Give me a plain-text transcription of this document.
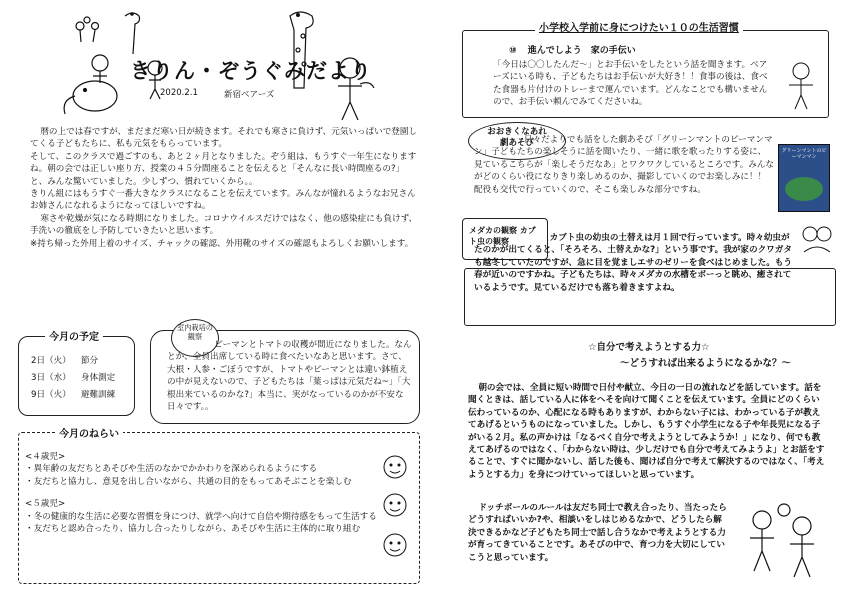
きりん・ぞうぐみだより
2020.2.1	新宿ベアーズ

暦の上では春ですが、まだまだ寒い日が続きます。それでも寒さに負けず、元気いっぱいで登園してくる子どもたちに、私も元気をもらっています。

そして、このクラスで過ごすのも、あと２ヶ月となりました。ぞう組は、もうすぐ一年生になりますね。朝の会では正しい座り方、授業の４５分間座ることを伝えると「そんなに長い時間座るの?」と、みんな驚いていました。少しずつ、慣れていくから。。

きりん組にはもうすぐ一番大きなクラスになることを伝えています。みんなが憧れるようなお兄さんお姉さんになれるようになってほしいですね。

寒さや乾燥が気になる時期になりました。コロナウイルスだけではなく、他の感染症にも負けず、手洗いの徹底をし予防していきたいと思います。

※持ち帰った外用上着のサイズ、チャックの確認、外用靴のサイズの確認もよろしくお願いします。

今月の予定
2日（火） 節分
3日（水） 身体測定
9日（火） 避難訓練
室内栽培の観察
ピーマンとトマトの収穫が間近になりました。なんとか、全員出席している時に食べたいなあと思います。さて、大根・人参・ごぼうですが、トマトやピーマンとは違い鉢植えの中が見えないので、子どもたちは「葉っぱは元気だね~」「大根出来ているのかな?」本当に、実がなっているのかが不安な日々です。。
今月のねらい

<４歳児>

・異年齢の友だちとあそびや生活のなかでかかわりを深められるようにする

・友だちと協力し、意見を出し合いながら、共通の目的をもってあそぶことを楽しむ

<５歳児>

・冬の健康的な生活に必要な習慣を身につけ、就学へ向けて自信や期待感をもって生活する

・友だちと認め合ったり、協力し合ったりしながら、あそびや生活に主体的に取り組む

小学校入学前に身につけたい１０の生活習慣
⑩ 進んでしよう　家の手伝い
「今日は〇〇したんだ～」とお手伝いをしたという話を聞きます。ベアーズにいる時も、子どもたちはお手伝いが大好き！！食事の後は、食べた食器も片付けのトレーまで運んでいます。どんなことでも構いませんので、お手伝い頼んでみてくださいね。
おおきくなあれ劇あそび
日々だよりでも話をした劇あそび「グリーンマントのピーマンマン」子どもたちの楽しそうに話を聞いたり、一緒に歌を歌ったりする姿に、見ているこちらが「楽しそうだなあ」とワクワクしているところです。みんながどのくらい役になりきり楽しめるのか、撮影していくのでお楽しみに！！配役も交代で行っていくので、そこも楽しみな部分ですね。
グリーンマントのピーマンマン
メダカの観察 カブト虫の観察	カブト虫の幼虫の土替えは月１回で行っています。時々幼虫がたのかが出てくると、「そろそろ、土替えかな?」という事です。我が家のクワガタも越冬していたのですが、急に目を覚ましエサのゼリーを食べはじめました。もう春が近いのですかね。子どもたちは、時々メダカの水槽をボーっと眺め、癒されているようです。見ているだけでも落ち着きますよね。
☆自分で考えようとする力☆
～どうすれば出来るようになるかな？～
朝の会では、全員に短い時間で日付や献立、今日の一日の流れなどを話しています。話を聞くときは、話している人に体をへそを向けて聞くことを伝えています。全員にどのくらい伝わっているのか、心配になる時もありますが、わからない子には、わかっている子が教えてあげるというものになっていました。しかし、もうすぐ小学生になる子や年長児になる子がいる２月。私の声かけは「なるべく自分で考えようとしてみようか！」になり、何でも教えてあげるのではなく、「わからない時は、少しだけでも自分で考えてみようよ」とお話をすることで、すぐに聞かないし、話した後も、聞けば自分で考えて解決するのではなく、「考えようとする力」を身につけていってほしいと思っています。
ドッチボールのルールは友だち同士で教え合ったり、当たったらどうすればいいか?や、相談いをしはじめるなかで、どうしたら解決できるかなど子どもたち同士で話し合うなかで考えようとする力が育ってきていることです。あそびの中で、育つ力を大切にしていこうと思っています。
